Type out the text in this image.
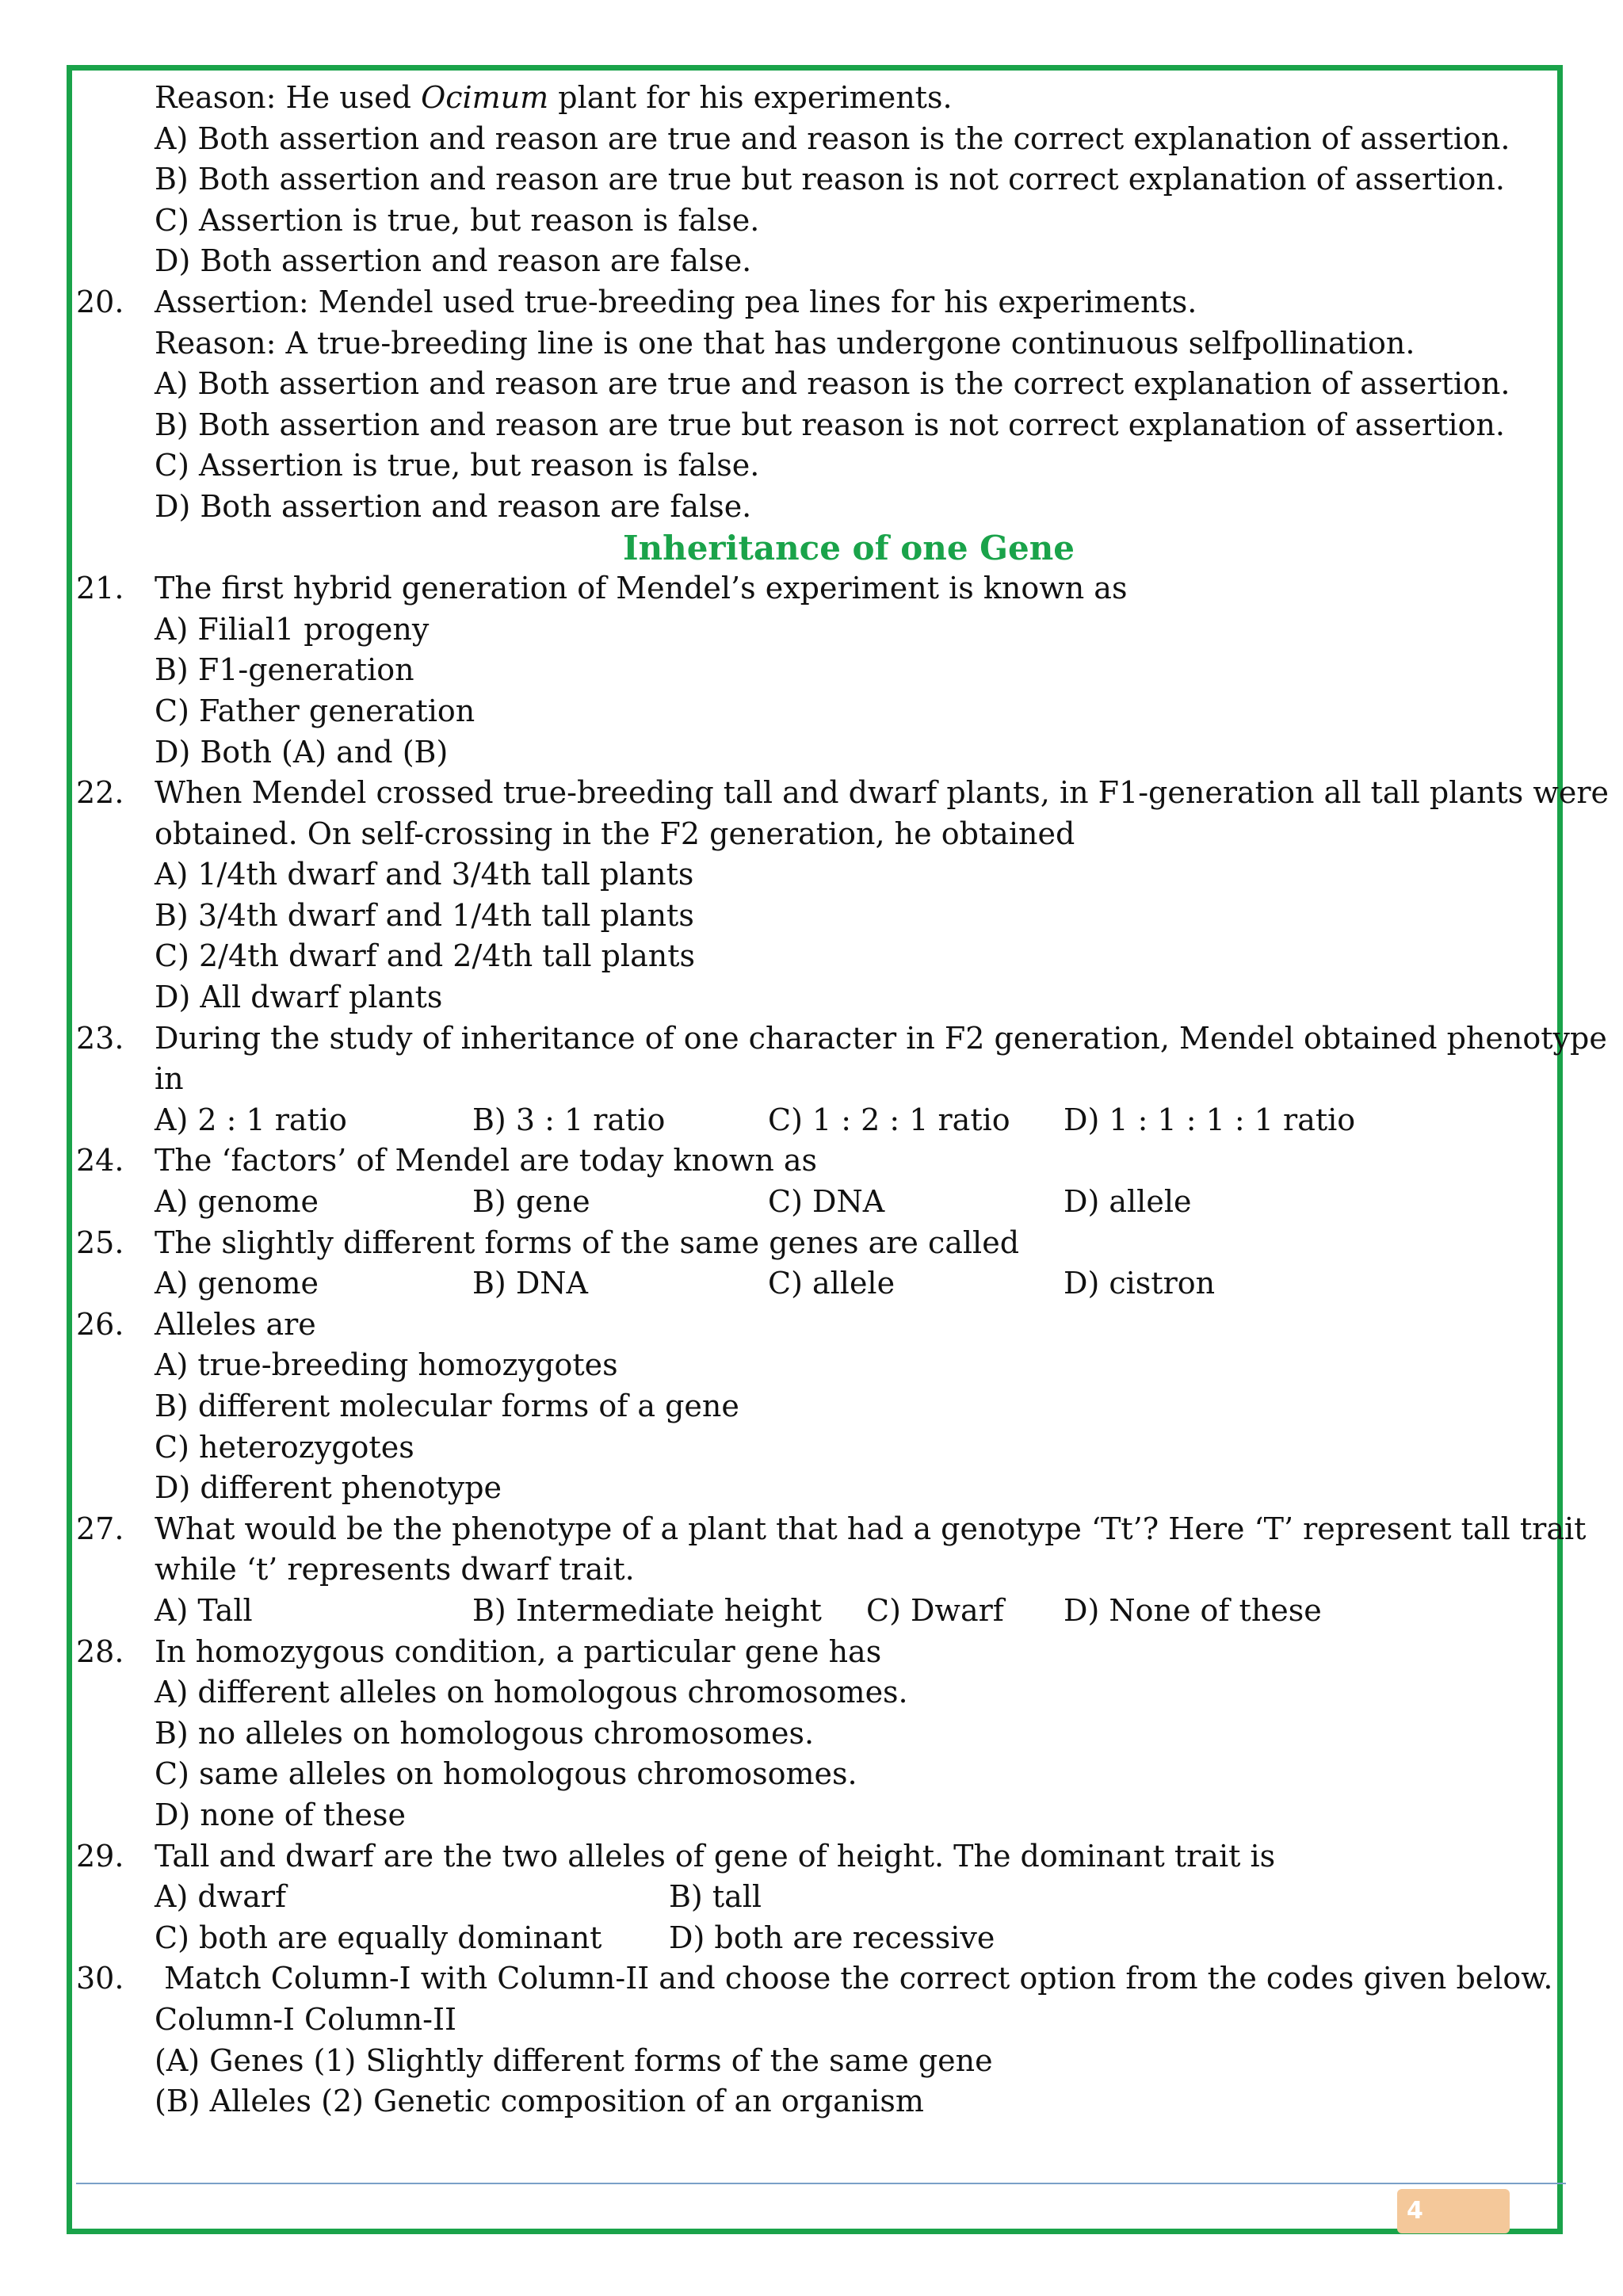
Reason: He used Ocimum plant for his experiments.
A) Both assertion and reason are true and reason is the correct explanation of assertion.
B) Both assertion and reason are true but reason is not correct explanation of assertion.
C) Assertion is true, but reason is false.
D) Both assertion and reason are false.
20. Assertion: Mendel used true-breeding pea lines for his experiments.
Reason: A true-breeding line is one that has undergone continuous selfpollination.
A) Both assertion and reason are true and reason is the correct explanation of assertion.
B) Both assertion and reason are true but reason is not correct explanation of assertion.
C) Assertion is true, but reason is false.
D) Both assertion and reason are false.
Inheritance of one Gene
21. The first hybrid generation of Mendel’s experiment is known as
A) Filial1 progeny
B) F1-generation
C) Father generation
D) Both (A) and (B)
22. When Mendel crossed true-breeding tall and dwarf plants, in F1-generation all tall plants were
obtained. On self-crossing in the F2 generation, he obtained
A) 1/4th dwarf and 3/4th tall plants
B) 3/4th dwarf and 1/4th tall plants
C) 2/4th dwarf and 2/4th tall plants
D) All dwarf plants
23. During the study of inheritance of one character in F2 generation, Mendel obtained phenotype
in
A) 2 : 1 ratio	B) 3 : 1 ratio	C) 1 : 2 : 1 ratio D) 1 : 1 : 1 : 1 ratio
24. The ‘factors’ of Mendel are today known as
A) genome	B) gene	C) DNA	D) allele
25. The slightly different forms of the same genes are called
A) genome	B) DNA	C) allele	D) cistron
26. Alleles are
A) true-breeding homozygotes
B) different molecular forms of a gene
C) heterozygotes
D) different phenotype
27. What would be the phenotype of a plant that had a genotype ‘Tt’? Here ‘T’ represent tall trait
while ‘t’ represents dwarf trait.
A) Tall	B) Intermediate height C) Dwarf D) None of these
28. In homozygous condition, a particular gene has
A) different alleles on homologous chromosomes.
B) no alleles on homologous chromosomes.
C) same alleles on homologous chromosomes.
D) none of these
29. Tall and dwarf are the two alleles of gene of height. The dominant trait is
A) dwarf	B) tall
C) both are equally dominant D) both are recessive
30. Match Column-I with Column-II and choose the correct option from the codes given below.
Column-I Column-II
(A) Genes (1) Slightly different forms of the same gene
(B) Alleles (2) Genetic composition of an organism
4
